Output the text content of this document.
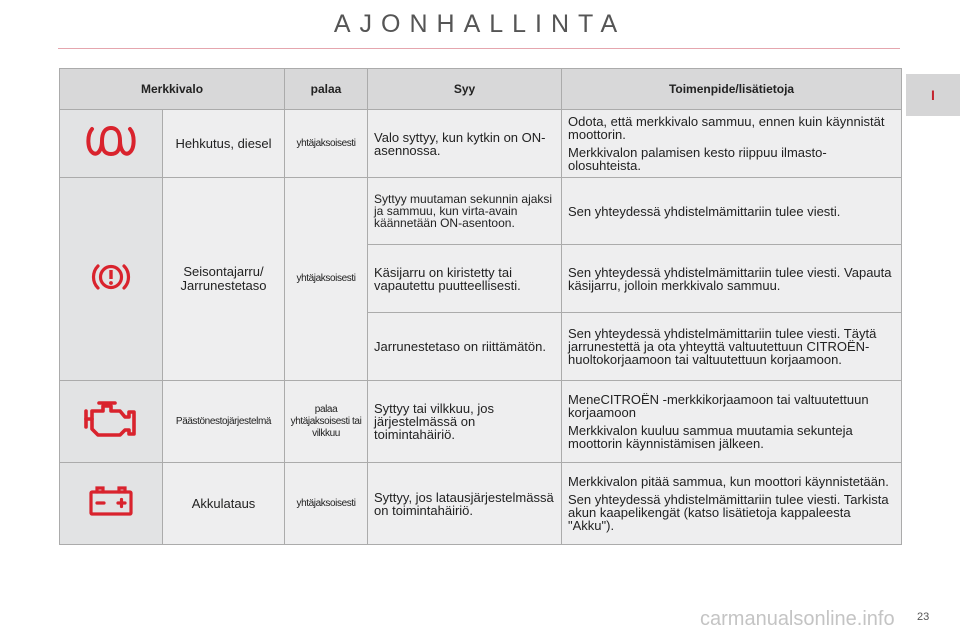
AJONHALLINTA
I
Merkkivalo		palaa	Syy	Toimenpide/lisätietoja
	Hehkutus, diesel	yhtäjaksoisesti	Valo syttyy, kun kytkin on ON-asennossa.	Odota, että merkkivalo sammuu, ennen kuin käynnistät moottorin.

Merkkivalon palamisen kesto riippuu ilmasto-olosuhteista.

	Seisontajarru/ Jarrunestetaso	yhtäjaksoisesti	Syttyy muutaman sekunnin ajaksi ja sammuu, kun virta-avain käännetään ON-asentoon.	Sen yhteydessä yhdistelmämittariin tulee viesti.

			Käsijarru on kiristetty tai vapautettu puutteellisesti.	Sen yhteydessä yhdistelmämittariin tulee viesti. Vapauta käsijarru, jolloin merkkivalo sammuu.

			Jarrunestetaso on riittämätön.	Sen yhteydessä yhdistelmämittariin tulee viesti. Täytä jarrunestettä ja ota yhteyttä valtuutettuun CITROËN-huoltokorjaamoon tai valtuutettuun korjaamoon.

	Päästönestojärjestelmä	palaa yhtäjaksoisesti tai vilkkuu	Syttyy tai vilkkuu, jos järjestelmässä on toimintahäiriö.	MeneCITROËN -merkkikorjaamoon tai valtuutettuun korjaamoon

Merkkivalon kuuluu sammua muutamia sekunteja moottorin käynnistämisen jälkeen.

	Akkulataus	yhtäjaksoisesti	Syttyy, jos latausjärjestelmässä on toimintahäiriö.	Merkkivalon pitää sammua, kun moottori käynnistetään.

Sen yhteydessä yhdistelmämittariin tulee viesti. Tarkista akun kaapelikengät (katso lisätietoja kappaleesta "Akku").

carmanualsonline.info 23
